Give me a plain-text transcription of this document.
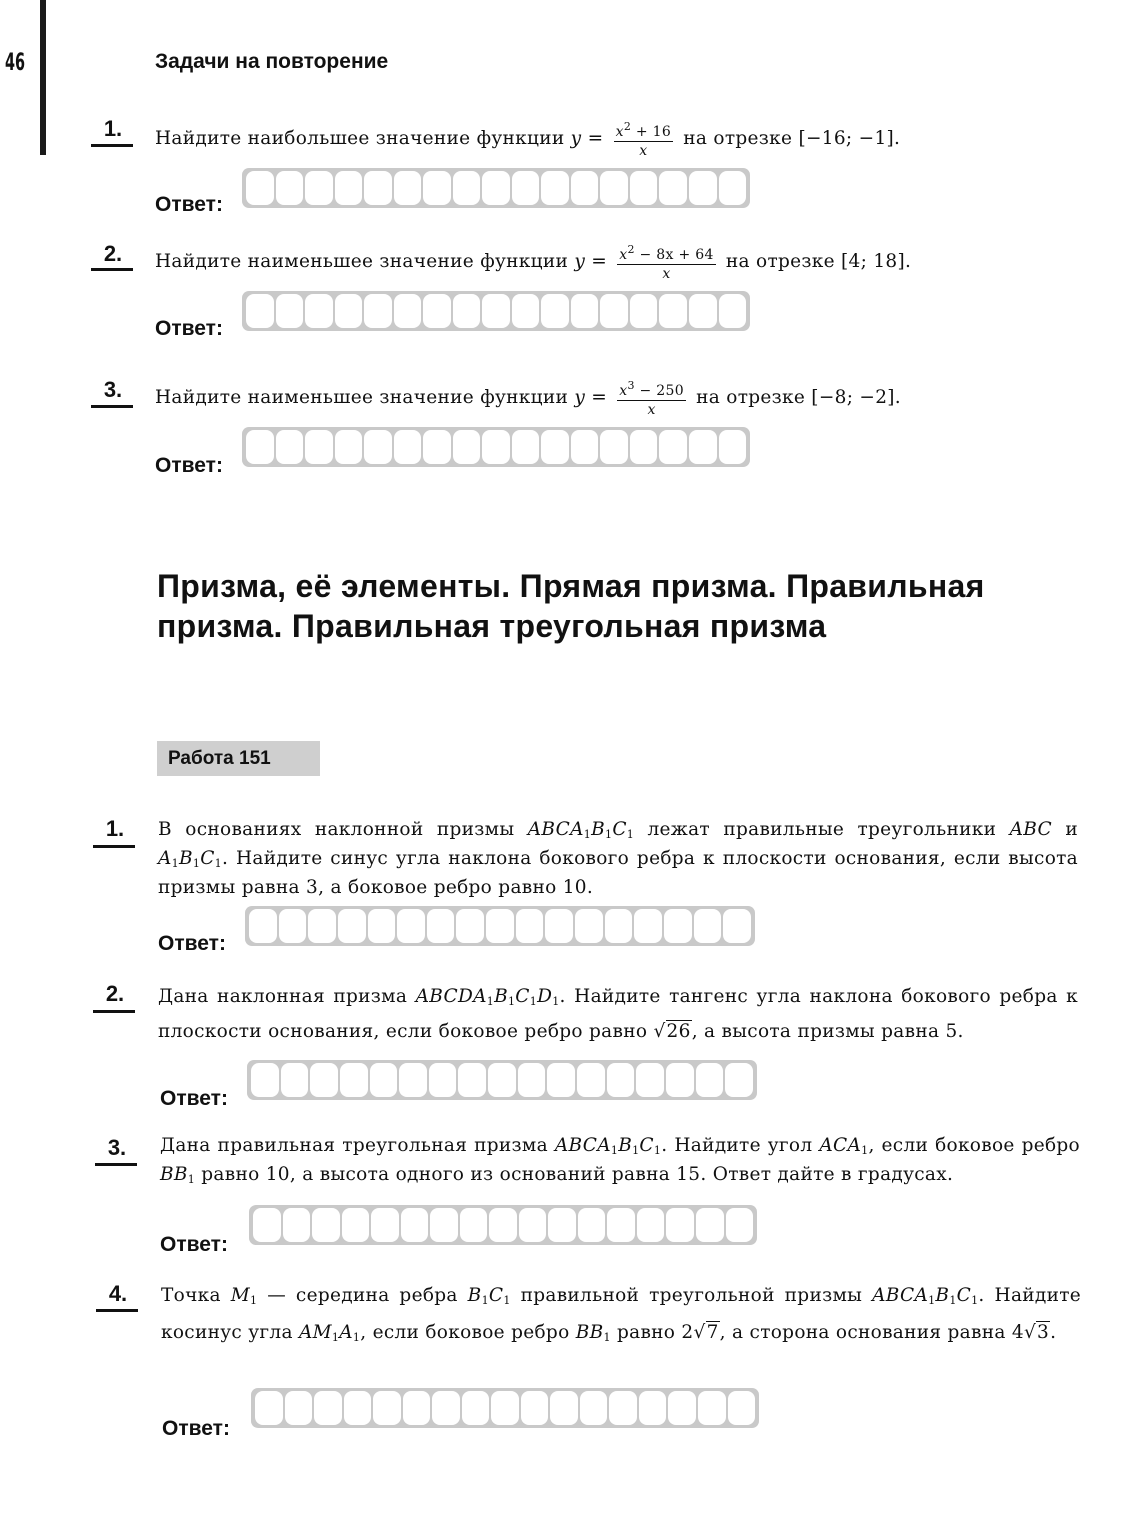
46	Задачи на повторение
1.	Найдите наибольшее значение функции $y = \frac{x^2 + 16}{x}$ на отрезке [−16; −1].
Ответ:
2.	Найдите наименьшее значение функции $y = \frac{x^2 - 8x + 64}{x}$ на отрезке [4; 18].
Ответ:
3.	Найдите наименьшее значение функции $y = \frac{x^3 - 250}{x}$ на отрезке [−8; −2].
Ответ:
Призма, её элементы. Прямая призма. Правильная призма. Правильная треугольная призма
Работа 151
1.	В основаниях наклонной призмы $ABCA_1B_1C_1$ лежат правильные треугольники ABC и $A_1B_1C_1$. Найдите синус угла наклона бокового ребра к плоскости основания, если высота призмы равна 3, а боковое ребро равно 10.
Ответ:
2.	Дана наклонная призма $ABCDA_1B_1C_1D_1$. Найдите тангенс угла наклона бокового ребра к плоскости основания, если боковое ребро равно √26, а высота призмы равна 5.
Ответ:
3.	Дана правильная треугольная призма $ABCA_1B_1C_1$. Найдите угол $ACA_1$, если боковое ребро $BB_1$ равно 10, а высота одного из оснований равна 15. Ответ дайте в градусах.
Ответ:
4.	Точка $M_1$ — середина ребра $B_1C_1$ правильной треугольной призмы $ABCA_1B_1C_1$. Найдите косинус угла $AM_1A_1$, если боковое ребро $BB_1$ равно 2√7, а сторона основания равна 4√3.
Ответ:
